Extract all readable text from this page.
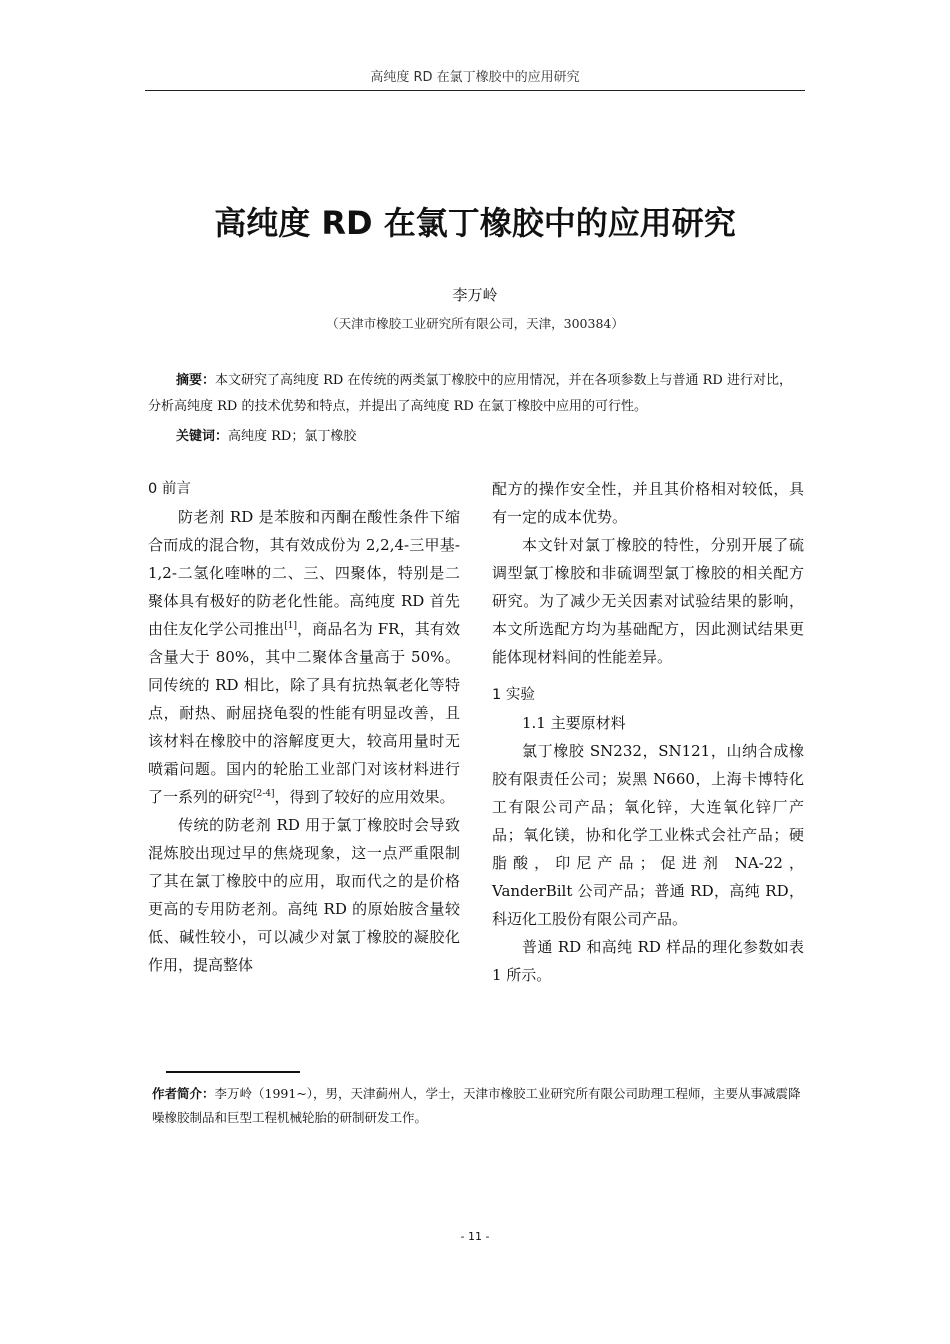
高纯度 RD 在氯丁橡胶中的应用研究
高纯度 RD 在氯丁橡胶中的应用研究
李万岭
（天津市橡胶工业研究所有限公司，天津，300384）

摘要：本文研究了高纯度 RD 在传统的两类氯丁橡胶中的应用情况，并在各项参数上与普通 RD 进行对比，分析高纯度 RD 的技术优势和特点，并提出了高纯度 RD 在氯丁橡胶中应用的可行性。

关键词：高纯度 RD；氯丁橡胶
0 前言

防老剂 RD 是苯胺和丙酮在酸性条件下缩合而成的混合物，其有效成份为 2,2,4-三甲基- 1,2-二氢化喹啉的二、三、四聚体，特别是二聚体具有极好的防老化性能。高纯度 RD 首先由住友化学公司推出[1]，商品名为 FR，其有效含量大于 80%，其中二聚体含量高于 50%。同传统的 RD 相比，除了具有抗热氧老化等特点，耐热、耐屈挠龟裂的性能有明显改善，且该材料在橡胶中的溶解度更大，较高用量时无喷霜问题。国内的轮胎工业部门对该材料进行了一系列的研究[2-4]，得到了较好的应用效果。

传统的防老剂 RD 用于氯丁橡胶时会导致混炼胶出现过早的焦烧现象，这一点严重限制了其在氯丁橡胶中的应用，取而代之的是价格更高的专用防老剂。高纯 RD 的原始胺含量较低、碱性较小，可以减少对氯丁橡胶的凝胶化作用，提高整体

配方的操作安全性，并且其价格相对较低，具有一定的成本优势。

本文针对氯丁橡胶的特性，分别开展了硫调型氯丁橡胶和非硫调型氯丁橡胶的相关配方研究。为了减少无关因素对试验结果的影响，本文所选配方均为基础配方，因此测试结果更能体现材料间的性能差异。

1 实验

1.1 主要原材料

氯丁橡胶 SN232，SN121，山纳合成橡胶有限责任公司；炭黑 N660，上海卡博特化工有限公司产品；氧化锌，大连氧化锌厂产品；氧化镁，协和化学工业株式会社产品；硬脂酸，印尼产品；促进剂 NA-22，VanderBilt 公司产品；普通 RD，高纯 RD，科迈化工股份有限公司产品。

普通 RD 和高纯 RD 样品的理化参数如表 1 所示。

作者简介：李万岭（1991~），男，天津蓟州人，学士，天津市橡胶工业研究所有限公司助理工程师，主要从事减震降噪橡胶制品和巨型工程机械轮胎的研制研发工作。

- 11 -
